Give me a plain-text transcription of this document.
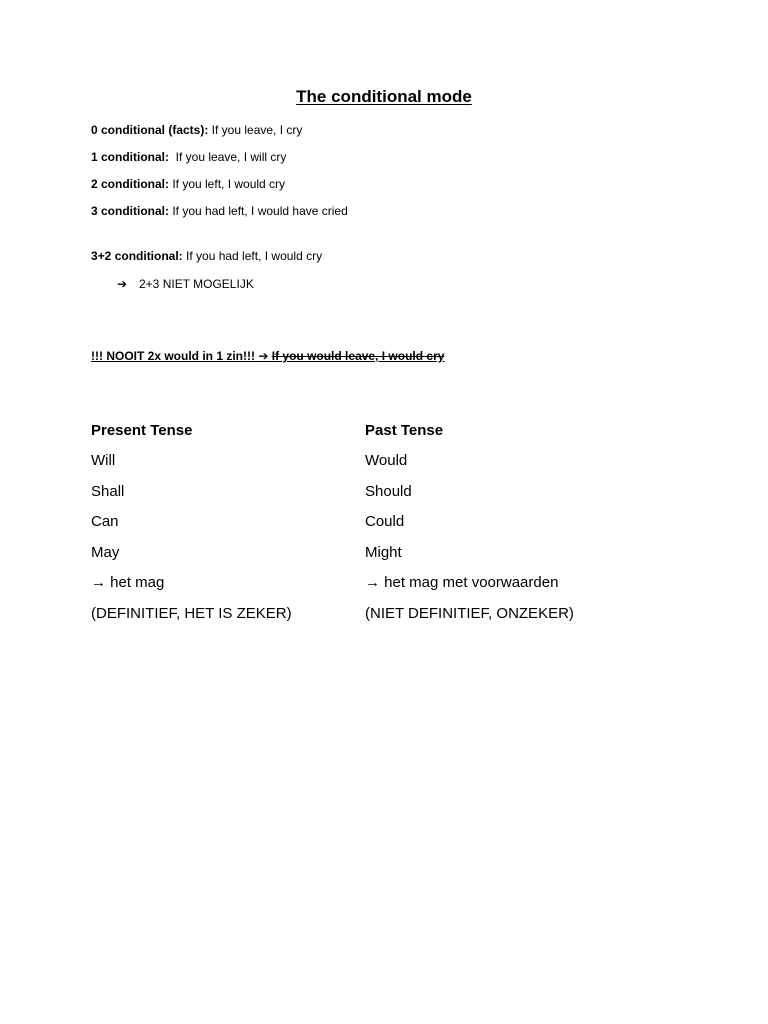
The conditional mode
0 conditional (facts): If you leave, I cry
1 conditional:  If you leave, I will cry
2 conditional: If you left, I would cry
3 conditional: If you had left, I would have cried
3+2 conditional: If you had left, I would cry
➔ 2+3 NIET MOGELIJK
!!! NOOIT 2x would in 1 zin!!! ➔ If you would leave, I would cry
Present Tense
Will
Shall
Can
May
→ het mag
(DEFINITIEF, HET IS ZEKER)
Past Tense
Would
Should
Could
Might
→ het mag met voorwaarden
(NIET DEFINITIEF, ONZEKER)
